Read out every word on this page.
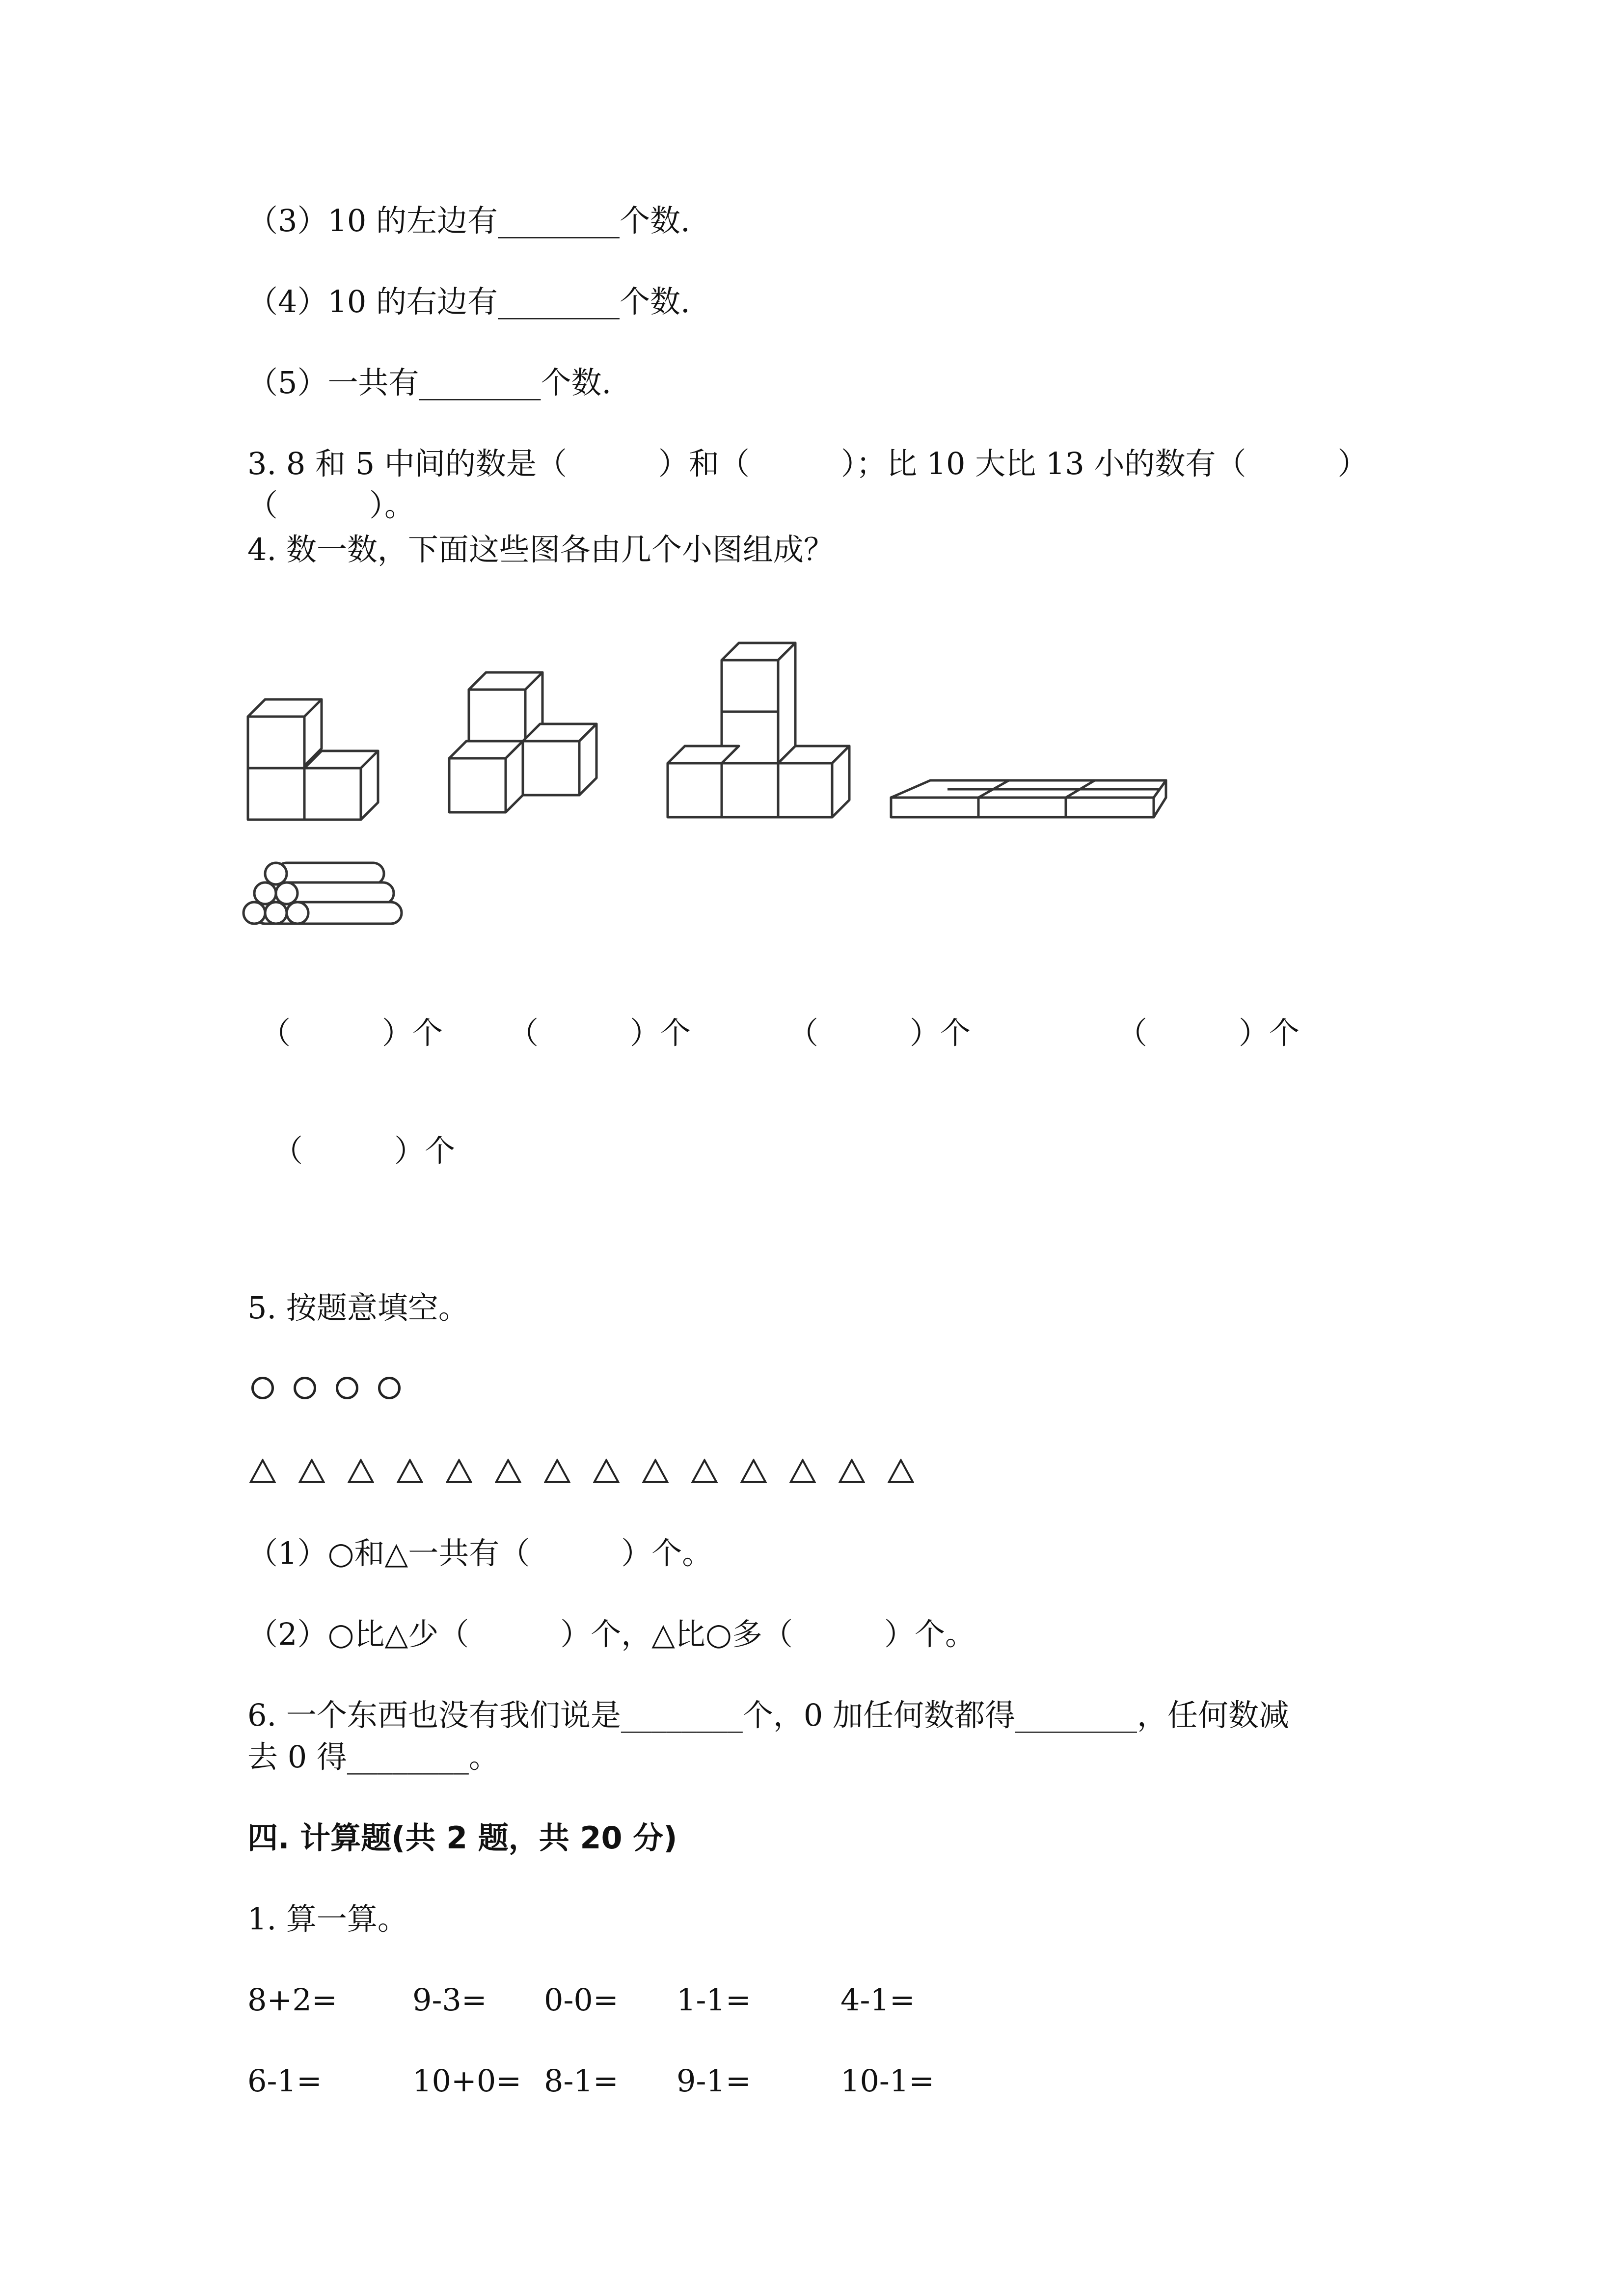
（3）10 的左边有________个数.
（4）10 的右边有________个数.
（5）一共有________个数.
3. 8 和 5 中间的数是（　　　）和（　　　）；比 10 大比 13 小的数有（　　　）
（　　　）。
4. 数一数，下面这些图各由几个小图组成？
（　　　）个 （　　　）个	（　　　）个	（　　　）个
（　　　）个
5. 按题意填空。
（1）○和△一共有（　　　）个。
（2）○比△少（　　　）个，△比○多（　　　）个。
6. 一个东西也没有我们说是________个，0 加任何数都得________，任何数减
去 0 得________。
四. 计算题(共 2 题，共 20 分)
1. 算一算。
8+2= 9-3= 0-0= 1-1=	4-1=
6-1=	10+0= 8-1= 9-1=	10-1=
